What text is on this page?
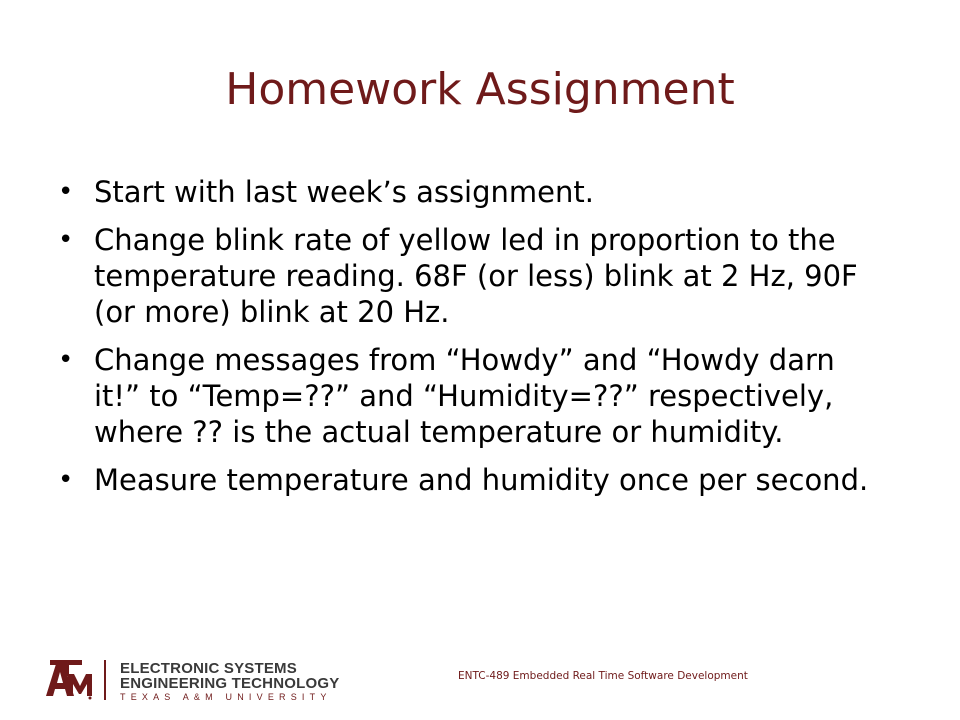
Homework Assignment
• Start with last week’s assignment.
• Change blink rate of yellow led in proportion to the temperature reading. 68F (or less) blink at 2 Hz, 90F (or more) blink at 20 Hz.
• Change messages from “Howdy” and “Howdy darn it!” to “Temp=??” and “Humidity=??” respectively, where ?? is the actual temperature or humidity.
• Measure temperature and humidity once per second.
ELECTRONIC SYSTEMS
ENGINEERING TECHNOLOGY
TEXAS A&M UNIVERSITY
ENTC-489 Embedded Real Time Software Development
